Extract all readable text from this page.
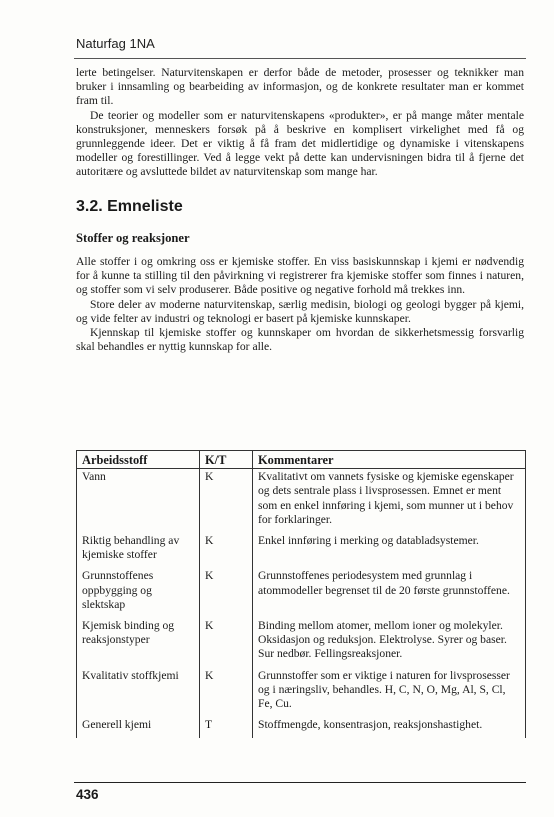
Naturfag 1NA

lerte betingelser. Naturvitenskapen er derfor både de metoder, prosesser og teknikker man bruker i innsamling og bearbeiding av informasjon, og de konkrete resultater man er kommet fram til.

De teorier og modeller som er naturvitenskapens «produkter», er på mange måter mentale konstruksjoner, menneskers forsøk på å beskrive en komplisert virkelighet med få og grunnleggende ideer. Det er viktig å få fram det midlertidige og dynamiske i vitenskapens modeller og forestillinger. Ved å legge vekt på dette kan undervisningen bidra til å fjerne det autoritære og avsluttede bildet av naturvitenskap som mange har.

3.2. Emneliste
Stoffer og reaksjoner

Alle stoffer i og omkring oss er kjemiske stoffer. En viss basiskunnskap i kjemi er nødvendig for å kunne ta stilling til den påvirkning vi registrerer fra kjemiske stoffer som finnes i naturen, og stoffer som vi selv produserer. Både positive og negative forhold må trekkes inn.

Store deler av moderne naturvitenskap, særlig medisin, biologi og geologi bygger på kjemi, og vide felter av industri og teknologi er basert på kjemiske kunnskaper.

Kjennskap til kjemiske stoffer og kunnskaper om hvordan de sikkerhetsmessig forsvarlig skal behandles er nyttig kunnskap for alle.

Arbeidsstoff	K/T	Kommentarer
Vann	K	Kvalitativt om vannets fysiske og kjemiske egenskaper og dets sentrale plass i livsprosessen. Emnet er ment som en enkel innføring i kjemi, som munner ut i behov for forklaringer.
Riktig behandling av kjemiske stoffer	K	Enkel innføring i merking og databladsystemer.
Grunnstoffenes oppbygging og slektskap	K	Grunnstoffenes periodesystem med grunnlag i atommodeller begrenset til de 20 første grunnstoffene.
Kjemisk binding og reaksjonstyper	K	Binding mellom atomer, mellom ioner og molekyler. Oksidasjon og reduksjon. Elektrolyse. Syrer og baser. Sur nedbør. Fellingsreaksjoner.
Kvalitativ stoffkjemi	K	Grunnstoffer som er viktige i naturen for livsprosesser og i næringsliv, behandles. H, C, N, O, Mg, Al, S, Cl, Fe, Cu.
Generell kjemi	T	Stoffmengde, konsentrasjon, reaksjonshastighet.
436
